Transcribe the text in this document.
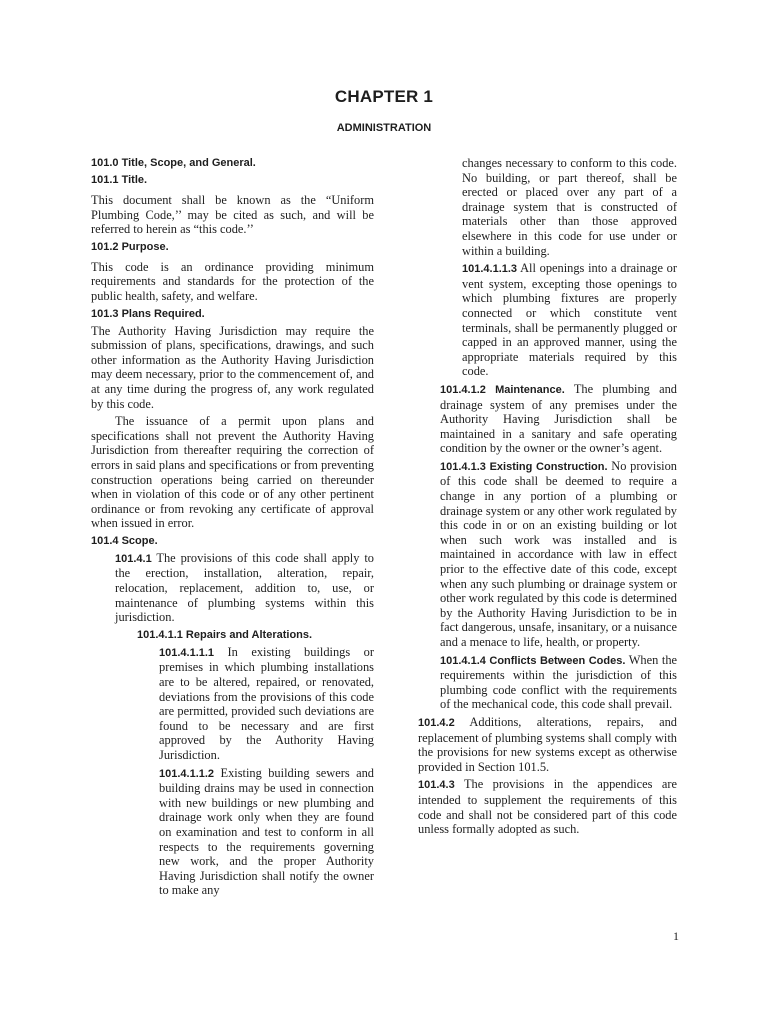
CHAPTER 1
ADMINISTRATION
101.0 Title, Scope, and General.
101.1 Title.
This document shall be known as the “Uniform Plumbing Code,’’ may be cited as such, and will be referred to herein as “this code.’’
101.2 Purpose.
This code is an ordinance providing minimum requirements and standards for the protection of the public health, safety, and welfare.
101.3 Plans Required.
The Authority Having Jurisdiction may require the submission of plans, specifications, drawings, and such other information as the Authority Having Jurisdiction may deem necessary, prior to the commencement of, and at any time during the progress of, any work regulated by this code.
The issuance of a permit upon plans and specifications shall not prevent the Authority Having Jurisdiction from thereafter requiring the correction of errors in said plans and specifications or from preventing construction operations being carried on thereunder when in violation of this code or of any other pertinent ordinance or from revoking any certificate of approval when issued in error.
101.4 Scope.
101.4.1 The provisions of this code shall apply to the erection, installation, alteration, repair, relocation, replacement, addition to, use, or maintenance of plumbing systems within this jurisdiction.
101.4.1.1 Repairs and Alterations.
101.4.1.1.1 In existing buildings or premises in which plumbing installations are to be altered, repaired, or renovated, deviations from the provisions of this code are permitted, provided such deviations are found to be necessary and are first approved by the Authority Having Jurisdiction.
101.4.1.1.2 Existing building sewers and building drains may be used in connection with new buildings or new plumbing and drainage work only when they are found on examination and test to conform in all respects to the requirements governing new work, and the proper Authority Having Jurisdiction shall notify the owner to make any
changes necessary to conform to this code. No building, or part thereof, shall be erected or placed over any part of a drainage system that is constructed of materials other than those approved elsewhere in this code for use under or within a building.
101.4.1.1.3 All openings into a drainage or vent system, excepting those openings to which plumbing fixtures are properly connected or which constitute vent terminals, shall be permanently plugged or capped in an approved manner, using the appropriate materials required by this code.
101.4.1.2 Maintenance. The plumbing and drainage system of any premises under the Authority Having Jurisdiction shall be maintained in a sanitary and safe operating condition by the owner or the owner’s agent.
101.4.1.3 Existing Construction. No provision of this code shall be deemed to require a change in any portion of a plumbing or drainage system or any other work regulated by this code in or on an existing building or lot when such work was installed and is maintained in accordance with law in effect prior to the effective date of this code, except when any such plumbing or drainage system or other work regulated by this code is determined by the Authority Having Jurisdiction to be in fact dangerous, unsafe, insanitary, or a nuisance and a menace to life, health, or property.
101.4.1.4 Conflicts Between Codes. When the requirements within the jurisdiction of this plumbing code conflict with the requirements of the mechanical code, this code shall prevail.
101.4.2 Additions, alterations, repairs, and replacement of plumbing systems shall comply with the provisions for new systems except as otherwise provided in Section 101.5.
101.4.3 The provisions in the appendices are intended to supplement the requirements of this code and shall not be considered part of this code unless formally adopted as such.
1
